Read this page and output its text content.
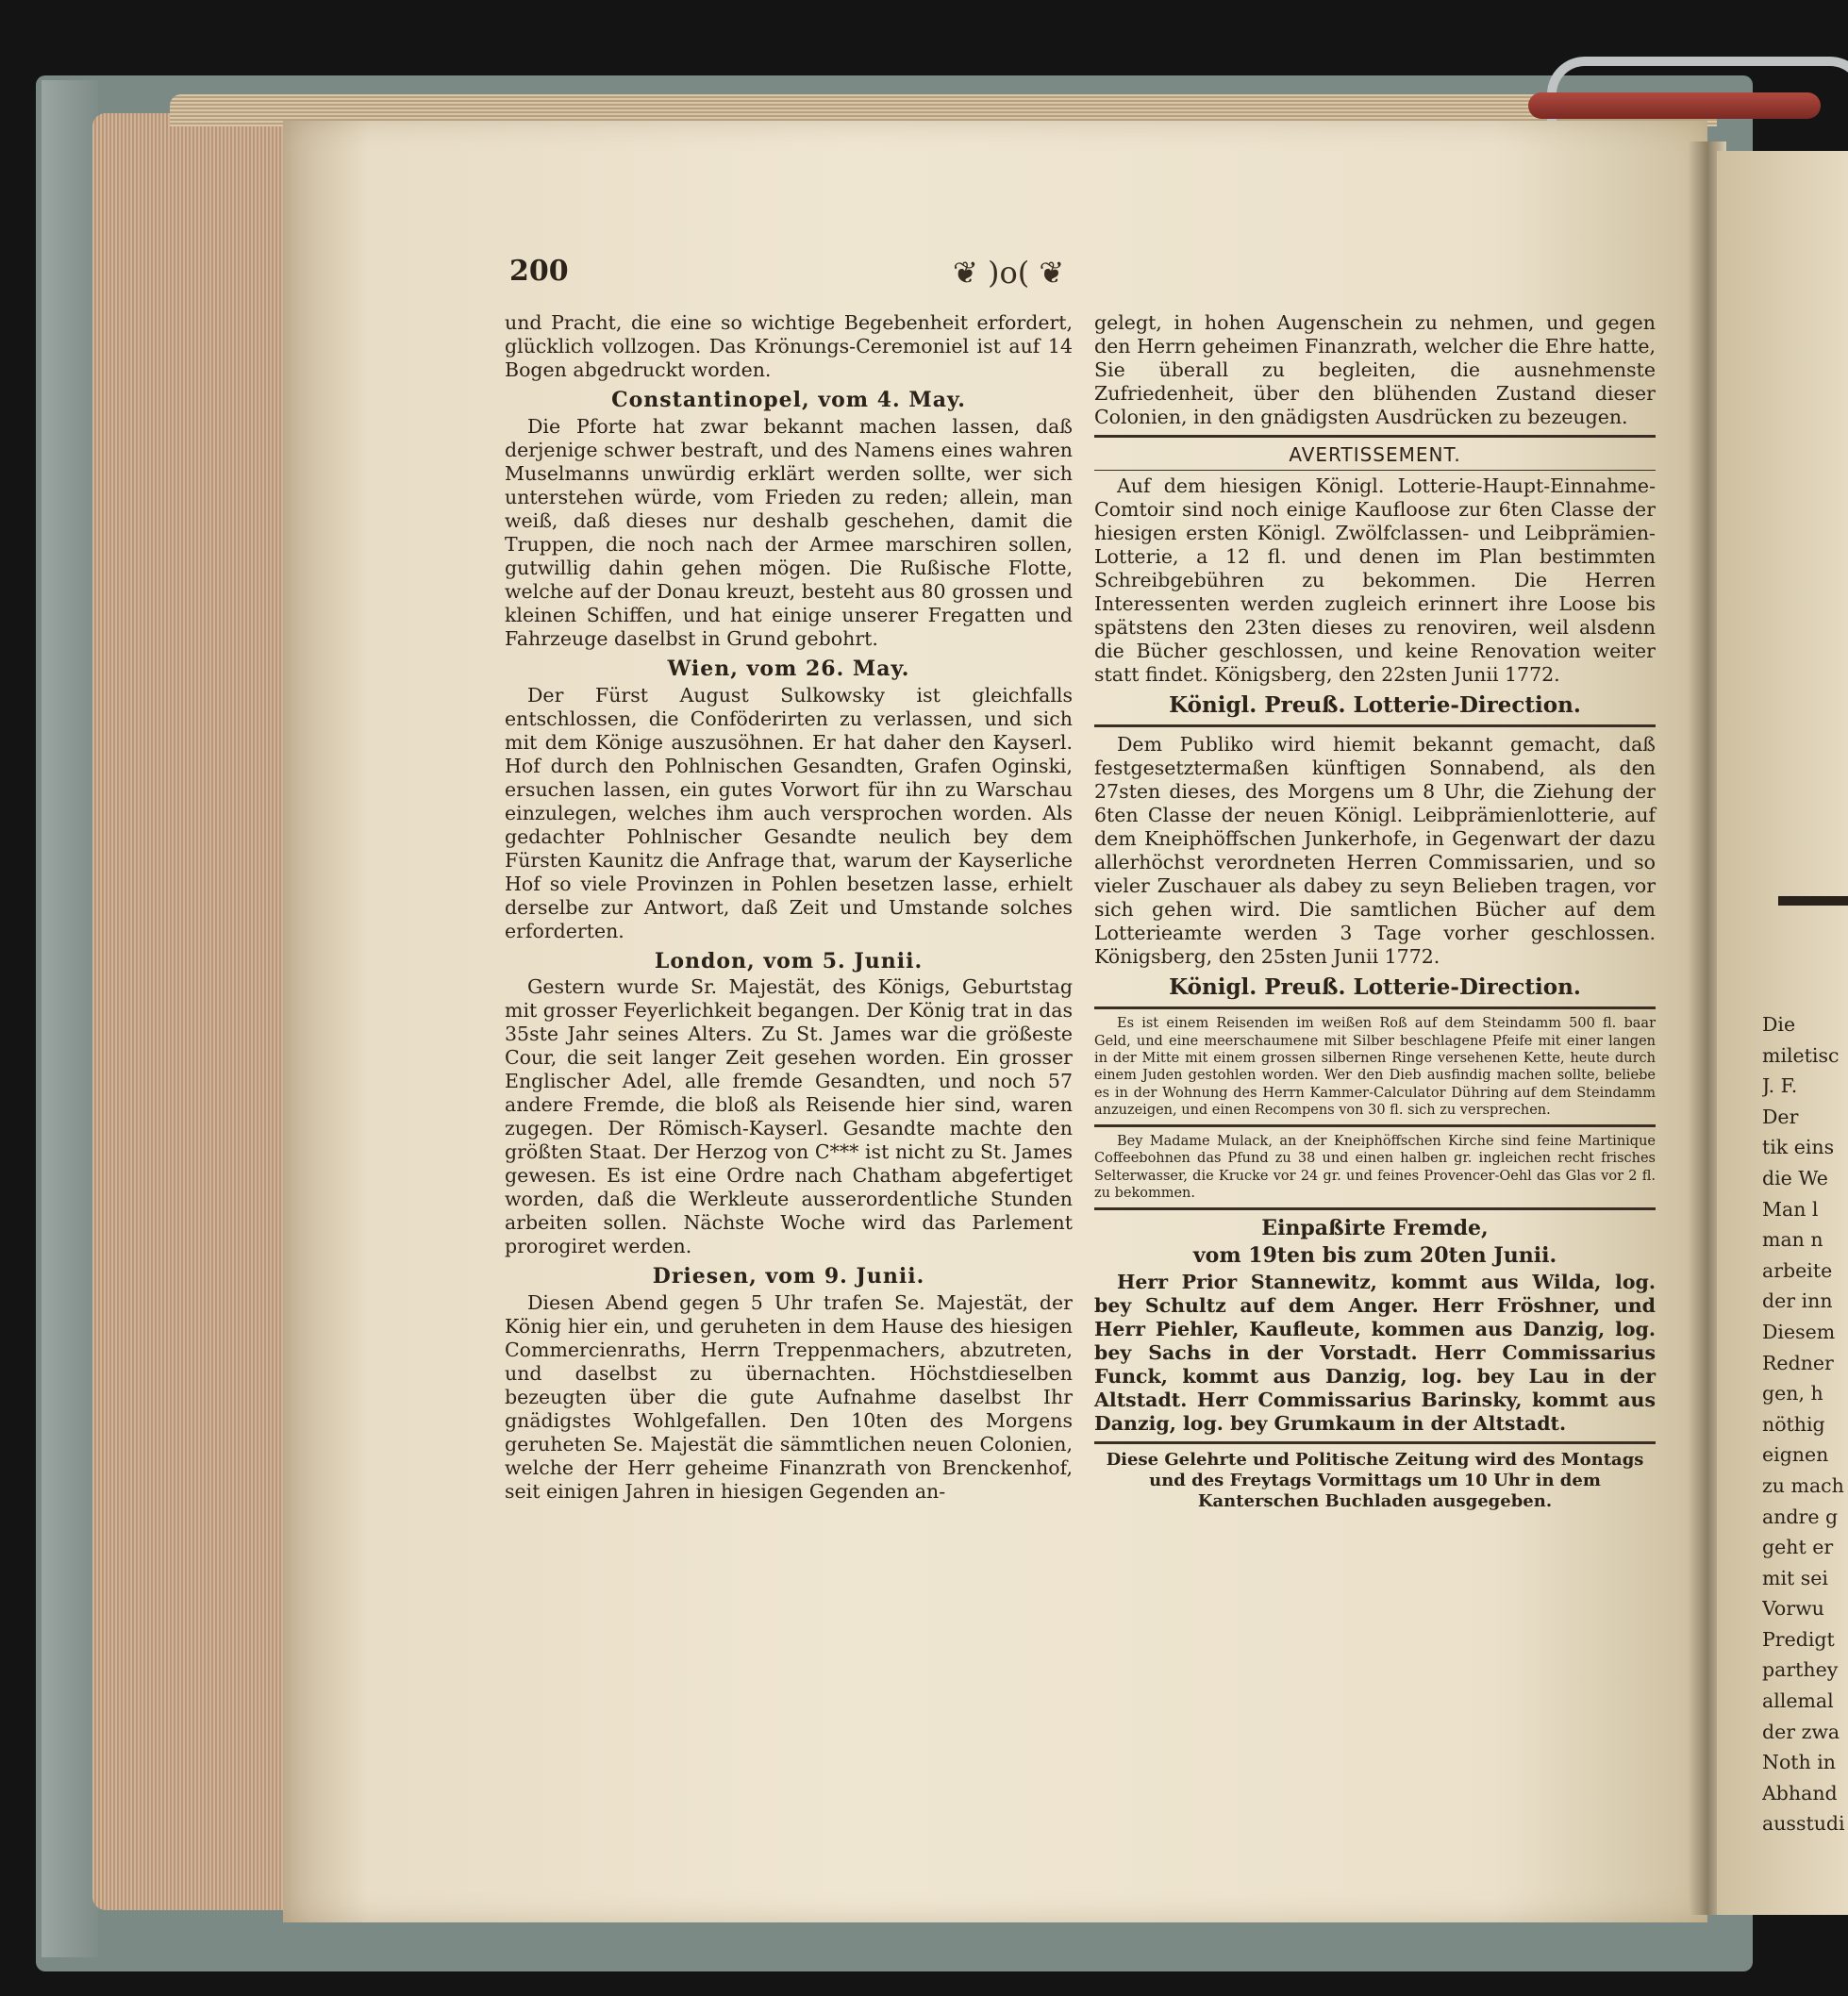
200	❦ )o( ❦

und Pracht, die eine so wichtige Begebenheit erfordert, glücklich vollzogen. Das Krönungs-Ceremoniel ist auf 14 Bogen abgedruckt worden.

Constantinopel, vom 4. May.

Die Pforte hat zwar bekannt machen lassen, daß derjenige schwer bestraft, und des Namens eines wahren Muselmanns unwürdig erklärt werden sollte, wer sich unterstehen würde, vom Frieden zu reden; allein, man weiß, daß dieses nur deshalb geschehen, damit die Truppen, die noch nach der Armee marschiren sollen, gutwillig dahin gehen mögen. Die Rußische Flotte, welche auf der Donau kreuzt, besteht aus 80 grossen und kleinen Schiffen, und hat einige unserer Fregatten und Fahrzeuge daselbst in Grund gebohrt.

Wien, vom 26. May.

Der Fürst August Sulkowsky ist gleichfalls entschlossen, die Conföderirten zu verlassen, und sich mit dem Könige auszusöhnen. Er hat daher den Kayserl. Hof durch den Pohlnischen Gesandten, Grafen Oginski, ersuchen lassen, ein gutes Vorwort für ihn zu Warschau einzulegen, welches ihm auch versprochen worden. Als gedachter Pohlnischer Gesandte neulich bey dem Fürsten Kaunitz die Anfrage that, warum der Kayserliche Hof so viele Provinzen in Pohlen besetzen lasse, erhielt derselbe zur Antwort, daß Zeit und Umstande solches erforderten.

London, vom 5. Junii.

Gestern wurde Sr. Majestät, des Königs, Geburtstag mit grosser Feyerlichkeit begangen. Der König trat in das 35ste Jahr seines Alters. Zu St. James war die größeste Cour, die seit langer Zeit gesehen worden. Ein grosser Englischer Adel, alle fremde Gesandten, und noch 57 andere Fremde, die bloß als Reisende hier sind, waren zugegen. Der Römisch-Kayserl. Gesandte machte den größten Staat. Der Herzog von C*** ist nicht zu St. James gewesen. Es ist eine Ordre nach Chatham abgefertiget worden, daß die Werkleute ausserordentliche Stunden arbeiten sollen. Nächste Woche wird das Parlement prorogiret werden.

Driesen, vom 9. Junii.

Diesen Abend gegen 5 Uhr trafen Se. Majestät, der König hier ein, und geruheten in dem Hause des hiesigen Commercienraths, Herrn Treppenmachers, abzutreten, und daselbst zu übernachten. Höchstdieselben bezeugten über die gute Aufnahme daselbst Ihr gnädigstes Wohlgefallen. Den 10ten des Morgens geruheten Se. Majestät die sämmtlichen neuen Colonien, welche der Herr geheime Finanzrath von Brenckenhof, seit einigen Jahren in hiesigen Gegenden an-

gelegt, in hohen Augenschein zu nehmen, und gegen den Herrn geheimen Finanzrath, welcher die Ehre hatte, Sie überall zu begleiten, die ausnehmenste Zufriedenheit, über den blühenden Zustand dieser Colonien, in den gnädigsten Ausdrücken zu bezeugen.

AVERTISSEMENT.

Auf dem hiesigen Königl. Lotterie-Haupt-Einnahme-Comtoir sind noch einige Kaufloose zur 6ten Classe der hiesigen ersten Königl. Zwölfclassen- und Leibprämien-Lotterie, a 12 fl. und denen im Plan bestimmten Schreibgebühren zu bekommen. Die Herren Interessenten werden zugleich erinnert ihre Loose bis spätstens den 23ten dieses zu renoviren, weil alsdenn die Bücher geschlossen, und keine Renovation weiter statt findet. Königsberg, den 22sten Junii 1772.

Königl. Preuß. Lotterie-Direction.

Dem Publiko wird hiemit bekannt gemacht, daß festgesetztermaßen künftigen Sonnabend, als den 27sten dieses, des Morgens um 8 Uhr, die Ziehung der 6ten Classe der neuen Königl. Leibprämienlotterie, auf dem Kneiphöffschen Junkerhofe, in Gegenwart der dazu allerhöchst verordneten Herren Commissarien, und so vieler Zuschauer als dabey zu seyn Belieben tragen, vor sich gehen wird. Die samtlichen Bücher auf dem Lotterieamte werden 3 Tage vorher geschlossen. Königsberg, den 25sten Junii 1772.

Königl. Preuß. Lotterie-Direction.

Es ist einem Reisenden im weißen Roß auf dem Steindamm 500 fl. baar Geld, und eine meerschaumene mit Silber beschlagene Pfeife mit einer langen in der Mitte mit einem grossen silbernen Ringe versehenen Kette, heute durch einem Juden gestohlen worden. Wer den Dieb ausfindig machen sollte, beliebe es in der Wohnung des Herrn Kammer-Calculator Dühring auf dem Steindamm anzuzeigen, und einen Recompens von 30 fl. sich zu versprechen.

Bey Madame Mulack, an der Kneiphöffschen Kirche sind feine Martinique Coffeebohnen das Pfund zu 38 und einen halben gr. ingleichen recht frisches Selterwasser, die Krucke vor 24 gr. und feines Provencer-Oehl das Glas vor 2 fl. zu bekommen.

Einpaßirte Fremde,

vom 19ten bis zum 20ten Junii.

Herr Prior Stannewitz, kommt aus Wilda, log. bey Schultz auf dem Anger. Herr Fröshner, und Herr Piehler, Kaufleute, kommen aus Danzig, log. bey Sachs in der Vorstadt. Herr Commissarius Funck, kommt aus Danzig, log. bey Lau in der Altstadt. Herr Commissarius Barinsky, kommt aus Danzig, log. bey Grumkaum in der Altstadt.

Diese Gelehrte und Politische Zeitung wird des Montags und des Freytags Vormittags um 10 Uhr in dem Kanterschen Buchladen ausgegeben.

Die
miletisc
J. F.
Der
tik eins
die We
Man l
man n
arbeite
der inn
Diesem
Redner
gen, h
nöthig
eignen
zu mach
andre g
geht er
mit sei
Vorwu
Predigt
parthey
allemal
der zwa
Noth in
Abhand
ausstudi
